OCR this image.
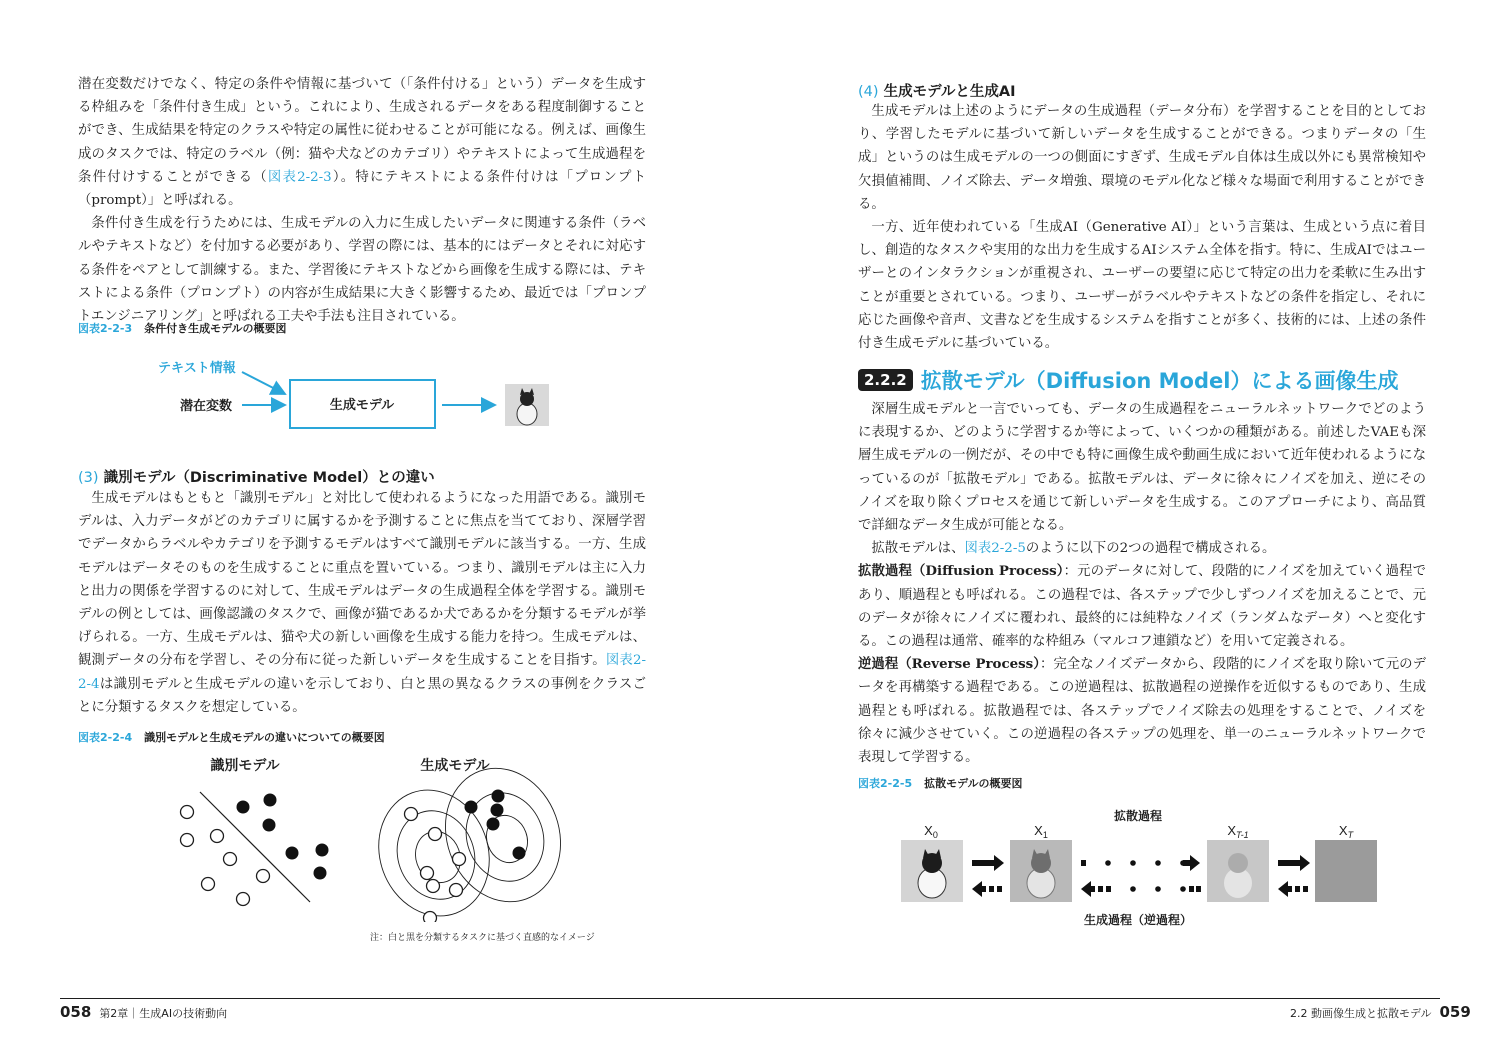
潜在変数だけでなく、特定の条件や情報に基づいて（「条件付ける」という）データを生成する枠組みを「条件付き生成」という。これにより、生成されるデータをある程度制御することができ、生成結果を特定のクラスや特定の属性に従わせることが可能になる。例えば、画像生成のタスクでは、特定のラベル（例：猫や犬などのカテゴリ）やテキストによって生成過程を条件付けすることができる（図表2-2-3）。特にテキストによる条件付けは「プロンプト（prompt）」と呼ばれる。

条件付き生成を行うためには、生成モデルの入力に生成したいデータに関連する条件（ラベルやテキストなど）を付加する必要があり、学習の際には、基本的にはデータとそれに対応する条件をペアとして訓練する。また、学習後にテキストなどから画像を生成する際には、テキストによる条件（プロンプト）の内容が生成結果に大きく影響するため、最近では「プロンプトエンジニアリング」と呼ばれる工夫や手法も注目されている。

図表2-2-3 条件付き生成モデルの概要図
テキスト情報
潜在変数	生成モデル
(3) 識別モデル（Discriminative Model）との違い

生成モデルはもともと「識別モデル」と対比して使われるようになった用語である。識別モデルは、入力データがどのカテゴリに属するかを予測することに焦点を当てており、深層学習でデータからラベルやカテゴリを予測するモデルはすべて識別モデルに該当する。一方、生成モデルはデータそのものを生成することに重点を置いている。つまり、識別モデルは主に入力と出力の関係を学習するのに対して、生成モデルはデータの生成過程全体を学習する。識別モデルの例としては、画像認識のタスクで、画像が猫であるか犬であるかを分類するモデルが挙げられる。一方、生成モデルは、猫や犬の新しい画像を生成する能力を持つ。生成モデルは、観測データの分布を学習し、その分布に従った新しいデータを生成することを目指す。図表2-2-4は識別モデルと生成モデルの違いを示しており、白と黒の異なるクラスの事例をクラスごとに分類するタスクを想定している。

図表2-2-4 識別モデルと生成モデルの違いについての概要図
識別モデル	生成モデル
注：白と黒を分類するタスクに基づく直感的なイメージ
058 第2章｜生成AIの技術動向
(4) 生成モデルと生成AI

生成モデルは上述のようにデータの生成過程（データ分布）を学習することを目的としており、学習したモデルに基づいて新しいデータを生成することができる。つまりデータの「生成」というのは生成モデルの一つの側面にすぎず、生成モデル自体は生成以外にも異常検知や欠損値補間、ノイズ除去、データ増強、環境のモデル化など様々な場面で利用することができる。

一方、近年使われている「生成AI（Generative AI）」という言葉は、生成という点に着目し、創造的なタスクや実用的な出力を生成するAIシステム全体を指す。特に、生成AIではユーザーとのインタラクションが重視され、ユーザーの要望に応じて特定の出力を柔軟に生み出すことが重要とされている。つまり、ユーザーがラベルやテキストなどの条件を指定し、それに応じた画像や音声、文書などを生成するシステムを指すことが多く、技術的には、上述の条件付き生成モデルに基づいている。

2.2.2 拡散モデル（Diffusion Model）による画像生成

深層生成モデルと一言でいっても、データの生成過程をニューラルネットワークでどのように表現するか、どのように学習するか等によって、いくつかの種類がある。前述したVAEも深層生成モデルの一例だが、その中でも特に画像生成や動画生成において近年使われるようになっているのが「拡散モデル」である。拡散モデルは、データに徐々にノイズを加え、逆にそのノイズを取り除くプロセスを通じて新しいデータを生成する。このアプローチにより、高品質で詳細なデータ生成が可能となる。

拡散モデルは、図表2-2-5のように以下の2つの過程で構成される。

拡散過程（Diffusion Process）：元のデータに対して、段階的にノイズを加えていく過程であり、順過程とも呼ばれる。この過程では、各ステップで少しずつノイズを加えることで、元のデータが徐々にノイズに覆われ、最終的には純粋なノイズ（ランダムなデータ）へと変化する。この過程は通常、確率的な枠組み（マルコフ連鎖など）を用いて定義される。

逆過程（Reverse Process）：完全なノイズデータから、段階的にノイズを取り除いて元のデータを再構築する過程である。この逆過程は、拡散過程の逆操作を近似するものであり、生成過程とも呼ばれる。拡散過程では、各ステップでノイズ除去の処理をすることで、ノイズを徐々に減少させていく。この逆過程の各ステップの処理を、単一のニューラルネットワークで表現して学習する。

図表2-2-5 拡散モデルの概要図
拡散過程
$X_0$	$X_1$	$X_{T-1}$	$X_T$
生成過程（逆過程）
2.2 動画像生成と拡散モデル 059
